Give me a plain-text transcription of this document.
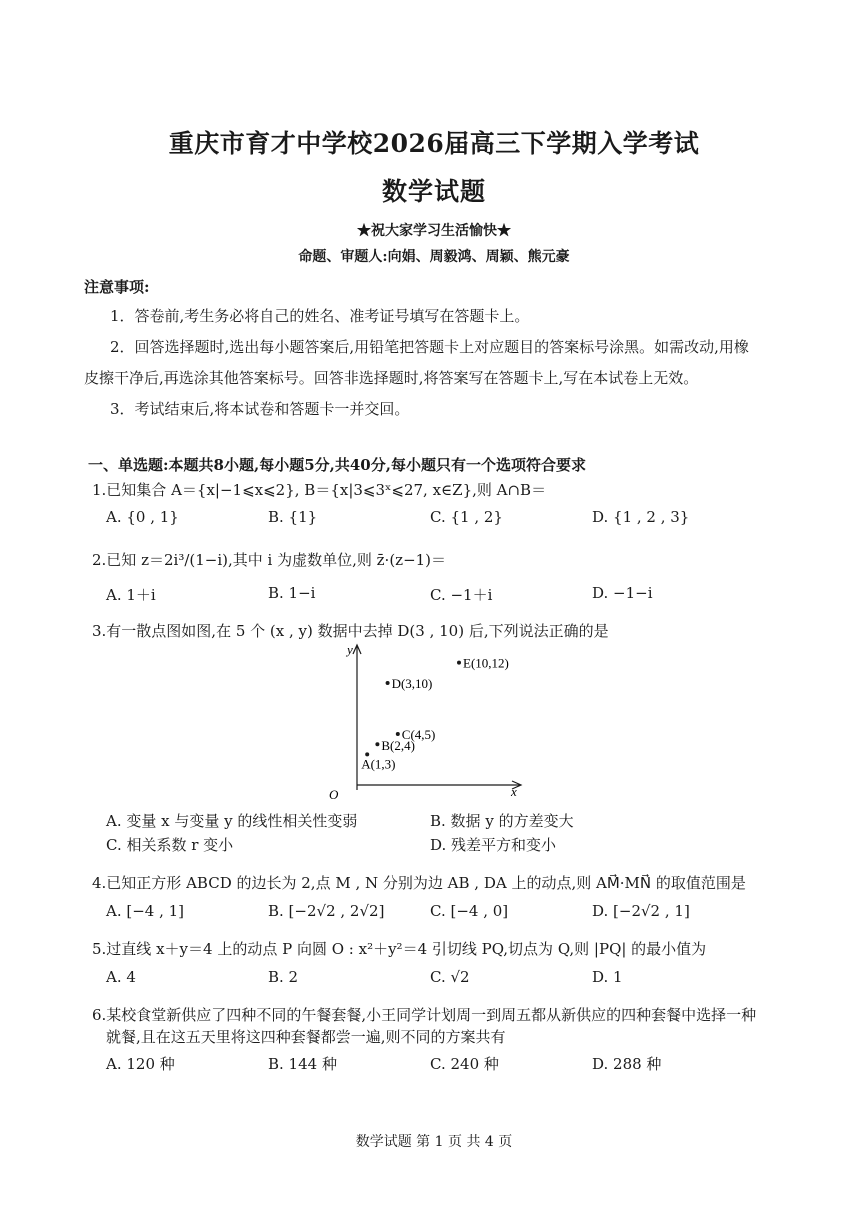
重庆市育才中学校2026届高三下学期入学考试
数学试题
★祝大家学习生活愉快★
命题、审题人:向娟、周毅鸿、周颖、熊元豪
注意事项:
1．答卷前,考生务必将自己的姓名、准考证号填写在答题卡上。
2．回答选择题时,选出每小题答案后,用铅笔把答题卡上对应题目的答案标号涂黑。如需改动,用橡
皮擦干净后,再选涂其他答案标号。回答非选择题时,将答案写在答题卡上,写在本试卷上无效。
3．考试结束后,将本试卷和答题卡一并交回。
一、单选题:本题共8小题,每小题5分,共40分,每小题只有一个选项符合要求
1.已知集合 A＝{x|−1⩽x⩽2}, B＝{x|3⩽3ˣ⩽27, x∈Z},则 A∩B＝
A. {0 , 1}	B. {1}	C. {1 , 2}	D. {1 , 2 , 3}
2.已知 z＝2i³/(1−i),其中 i 为虚数单位,则 z̄·(z−1)＝
A. 1＋i	B. 1−i	C. −1＋i	D. −1−i
3.有一散点图如图,在 5 个 (x , y) 数据中去掉 D(3 , 10) 后,下列说法正确的是
y
x
O
A(1,3)
B(2,4)
C(4,5)
D(3,10)
E(10,12)
A. 变量 x 与变量 y 的线性相关性变弱	B. 数据 y 的方差变大
C. 相关系数 r 变小	D. 残差平方和变小
4.已知正方形 ABCD 的边长为 2,点 M , N 分别为边 AB , DA 上的动点,则 AM⃗·MN⃗ 的取值范围是
A. [−4 , 1]	B. [−2√2 , 2√2]	C. [−4 , 0]	D. [−2√2 , 1]
5.过直线 x＋y＝4 上的动点 P 向圆 O : x²＋y²＝4 引切线 PQ,切点为 Q,则 |PQ| 的最小值为
A. 4	B. 2	C. √2	D. 1
6.某校食堂新供应了四种不同的午餐套餐,小王同学计划周一到周五都从新供应的四种套餐中选择一种
就餐,且在这五天里将这四种套餐都尝一遍,则不同的方案共有
A. 120 种	B. 144 种	C. 240 种	D. 288 种
数学试题 第 1 页 共 4 页
